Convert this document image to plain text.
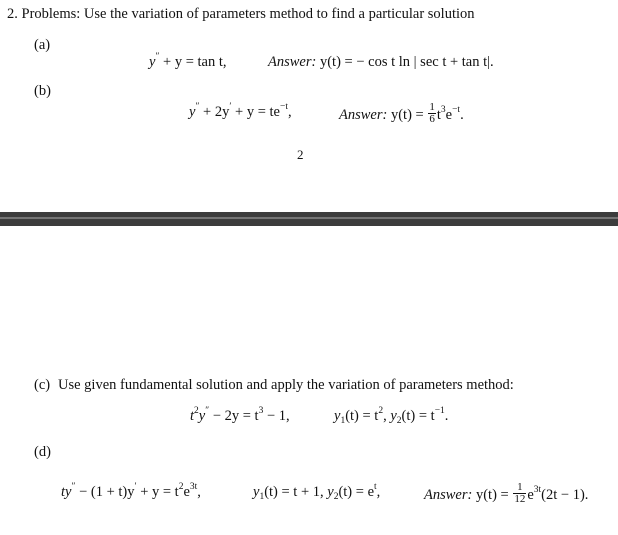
2. Problems: Use the variation of parameters method to find a particular solution
(a)
y″ + y = tan t,	Answer: y(t) = − cos t ln | sec t + tan t|.
(b)
$y'' + 2y' + y = te^{-t}$,	Answer: $y(t) = \frac{1}{6} t^3e^{-t}$.
2
(c) Use given fundamental solution and apply the variation of parameters method:
$t^2y'' - 2y = t^3 - 1$,	$y_1(t) = t^2$, $y_2(t) = t^{-1}$.
(d)
$ty'' - (1 + t)y' + y = t^2e^{3t}$,	$y_1(t) = t + 1$, $y_2(t) = e^t$,	Answer: $y(t) = \frac{1}{12} e^{3t}(2t - 1)$.
